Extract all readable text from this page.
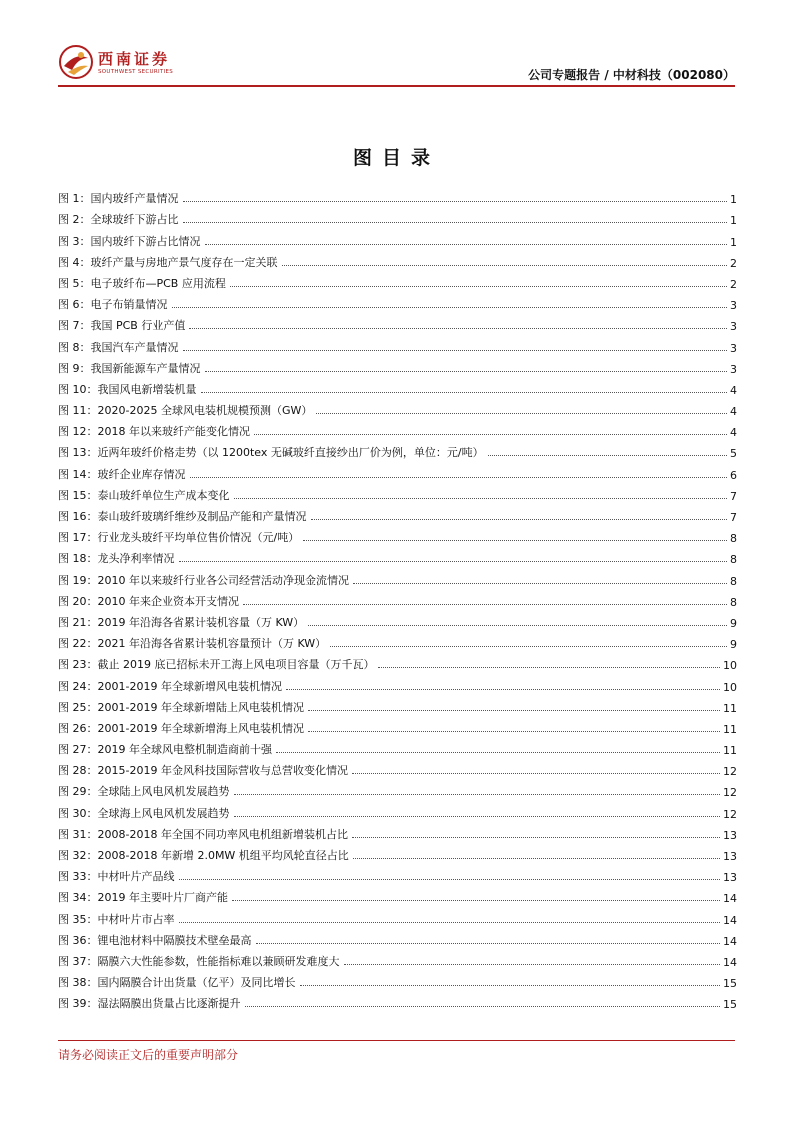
西南证券
SOUTHWEST SECURITIES	公司专题报告 / 中材科技（002080）
图目录
图 1：国内玻纤产量情况	1
图 2：全球玻纤下游占比	1
图 3：国内玻纤下游占比情况	1
图 4：玻纤产量与房地产景气度存在一定关联	2
图 5：电子玻纤布—PCB 应用流程	2
图 6：电子布销量情况	3
图 7：我国 PCB 行业产值	3
图 8：我国汽车产量情况	3
图 9：我国新能源车产量情况	3
图 10：我国风电新增装机量	4
图 11：2020-2025 全球风电装机规模预测（GW）	4
图 12：2018 年以来玻纤产能变化情况	4
图 13：近两年玻纤价格走势（以 1200tex 无碱玻纤直接纱出厂价为例，单位：元/吨）	5
图 14：玻纤企业库存情况	6
图 15：泰山玻纤单位生产成本变化	7
图 16：泰山玻纤玻璃纤维纱及制品产能和产量情况	7
图 17：行业龙头玻纤平均单位售价情况（元/吨）	8
图 18：龙头净利率情况	8
图 19：2010 年以来玻纤行业各公司经营活动净现金流情况	8
图 20：2010 年来企业资本开支情况	8
图 21：2019 年沿海各省累计装机容量（万 KW）	9
图 22：2021 年沿海各省累计装机容量预计（万 KW）	9
图 23：截止 2019 底已招标未开工海上风电项目容量（万千瓦）	10
图 24：2001-2019 年全球新增风电装机情况	10
图 25：2001-2019 年全球新增陆上风电装机情况	11
图 26：2001-2019 年全球新增海上风电装机情况	11
图 27：2019 年全球风电整机制造商前十强	11
图 28：2015-2019 年金风科技国际营收与总营收变化情况	12
图 29：全球陆上风电风机发展趋势	12
图 30：全球海上风电风机发展趋势	12
图 31：2008-2018 年全国不同功率风电机组新增装机占比	13
图 32：2008-2018 年新增 2.0MW 机组平均风轮直径占比	13
图 33：中材叶片产品线	13
图 34：2019 年主要叶片厂商产能	14
图 35：中材叶片市占率	14
图 36：锂电池材料中隔膜技术壁垒最高	14
图 37：隔膜六大性能参数，性能指标难以兼顾研发难度大	14
图 38：国内隔膜合计出货量（亿平）及同比增长	15
图 39：湿法隔膜出货量占比逐渐提升	15
请务必阅读正文后的重要声明部分
